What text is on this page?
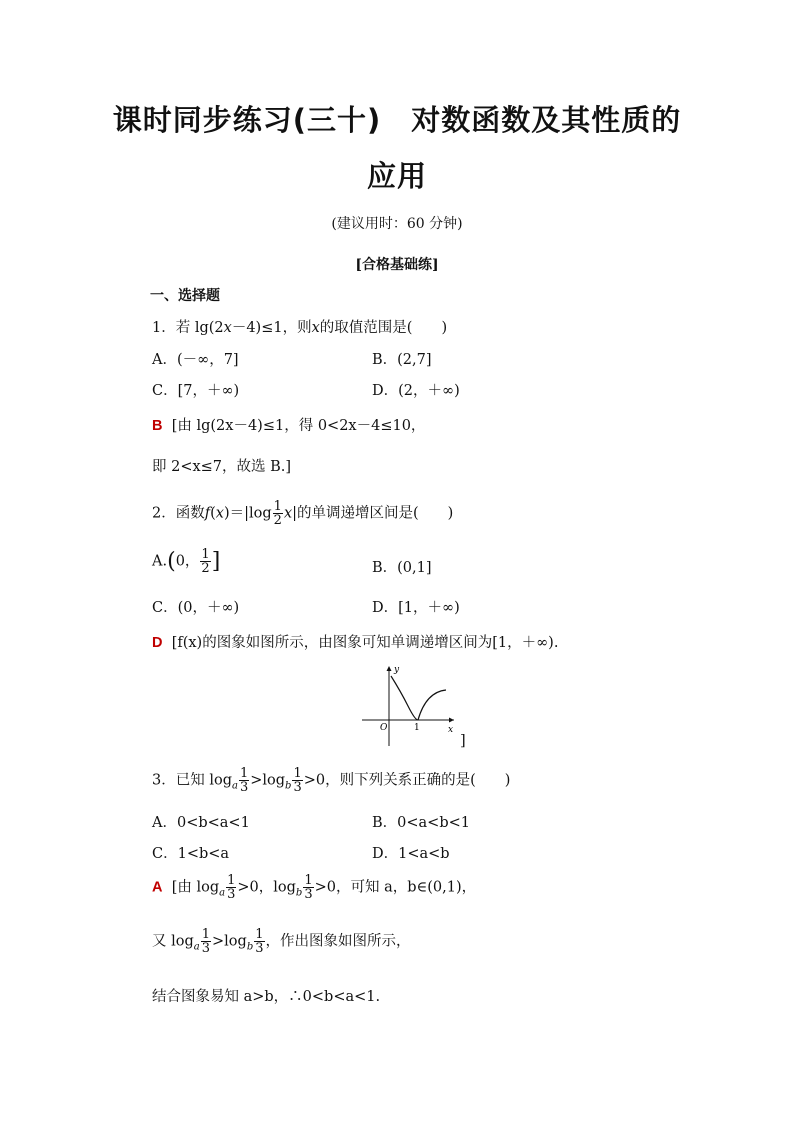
课时同步练习(三十)　对数函数及其性质的
应用
(建议用时：60 分钟)
[合格基础练]
一、选择题
1．若 lg(2x－4)≤1，则x的取值范围是(　　)
A．(－∞，7]	B．(2,7]
C．[7，＋∞)	D．(2，＋∞)
B [由 lg(2x－4)≤1，得 0<2x－4≤10，
即 2<x≤7，故选 B.]
2．函数$f(x)=|\log \frac{1}{2} x|$的单调递增区间是(　　)
A.(0， $\frac{1}{2}$ ]	B．(0,1]
C．(0，＋∞)	D．[1，＋∞)
D [f(x)的图象如图所示，由图象可知单调递增区间为[1，＋∞).
y
x
O	1
]
3．已知 $\log_a \frac{1}{3} >\log_b \frac{1}{3} >0$，则下列关系正确的是(　　)
A．0<b<a<1	B．0<a<b<1
C．1<b<a	D．1<a<b
A [由 $\log_a \frac{1}{3} >0$，$\log_b \frac{1}{3} >0$，可知 a，b∈(0,1)，
又 $\log_a \frac{1}{3} >\log_b \frac{1}{3}$ ，作出图象如图所示，
结合图象易知 a>b，∴0<b<a<1.
